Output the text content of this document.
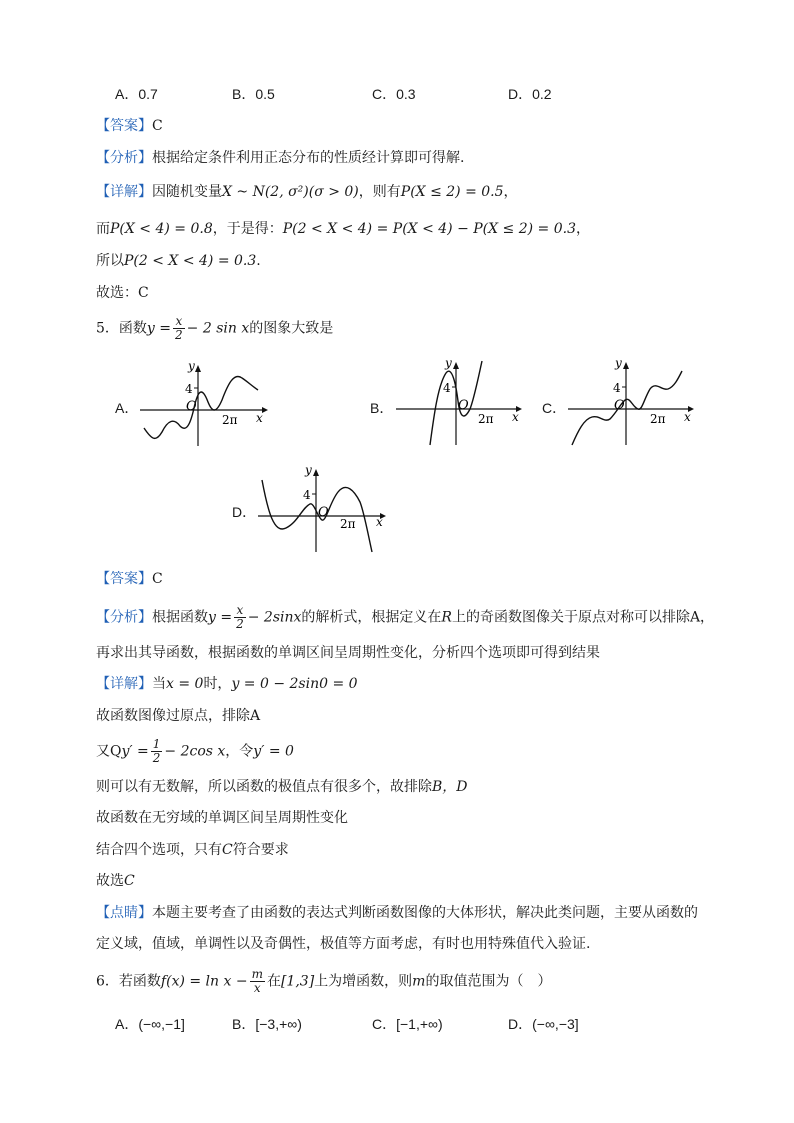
A．0.7	B．0.5	C．0.3	D．0.2
【答案】C
【分析】根据给定条件利用正态分布的性质经计算即可得解.
【详解】因随机变量X ~ N(2, σ²)(σ > 0)，则有P(X ≤ 2) = 0.5，
而P(X < 4) = 0.8，于是得：P(2 < X < 4) = P(X < 4) − P(X ≤ 2) = 0.3，
所以P(2 < X < 4) = 0.3.
故选：C
5．函数$y = \frac{x}{2} - 2$ sin x的图象大致是
A．	B．	C．
D．
4
O
2π x
y
4
O
2π x
y
4
O
2π x
y
4
O
2π x
y
【答案】C
【分析】根据函数$y = \frac{x}{2} - 2\sin x$的解析式，根据定义在R上的奇函数图像关于原点对称可以排除A，
再求出其导函数，根据函数的单调区间呈周期性变化，分析四个选项即可得到结果
【详解】当x = 0时，y = 0 − 2sin0 = 0
故函数图像过原点，排除A
又$Qy' = \frac{1}{2} - 2\cos$ x，令y′ = 0
则可以有无数解，所以函数的极值点有很多个，故排除B，D
故函数在无穷域的单调区间呈周期性变化
结合四个选项，只有C符合要求
故选C
【点睛】本题主要考查了由函数的表达式判断函数图像的大体形状，解决此类问题，主要从函数的
定义域，值域，单调性以及奇偶性，极值等方面考虑，有时也用特殊值代入验证.
6．若函数$f(x) = \ln x - \frac{m}{x}$ 在[1,3]上为增函数，则m的取值范围为（　）
A．(−∞,−1]	B．[−3,+∞)	C．[−1,+∞)	D．(−∞,−3]
